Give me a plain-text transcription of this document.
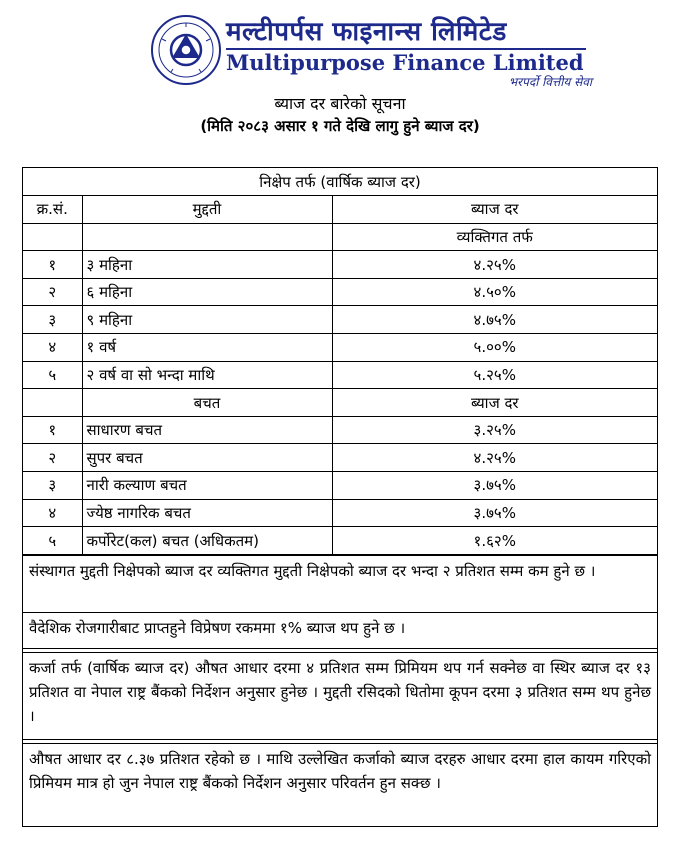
मल्टीपर्पस फाइनान्स लिमिटेड
Multipurpose Finance Limited
भरपर्दो वित्तीय सेवा
ब्याज दर बारेको सूचना
(मिति २०८३ असार १ गते देखि लागु हुने ब्याज दर)
निक्षेप तर्फ (वार्षिक ब्याज दर)		
क्र.सं.	मुद्दती	ब्याज दर
		व्यक्तिगत तर्फ
१	३ महिना	४.२५%
२	६ महिना	४.५०%
३	९ महिना	४.७५%
४	१ वर्ष	५.००%
५	२ वर्ष वा सो भन्दा माथि	५.२५%
	बचत	ब्याज दर
१	साधारण बचत	३.२५%
२	सुपर बचत	४.२५%
३	नारी कल्याण बचत	३.७५%
४	ज्येष्ठ नागरिक बचत	३.७५%
५	कर्पोरेट(कल) बचत (अधिकतम)	१.६२%
संस्थागत मुद्दती निक्षेपको ब्याज दर व्यक्तिगत मुद्दती निक्षेपको ब्याज दर भन्दा २ प्रतिशत सम्म कम हुने छ ।
वैदेशिक रोजगारीबाट प्राप्तहुने विप्रेषण रकममा १% ब्याज थप हुने छ ।
कर्जा तर्फ (वार्षिक ब्याज दर) औषत आधार दरमा ४ प्रतिशत सम्म प्रिमियम थप गर्न सक्नेछ वा स्थिर ब्याज दर १३ प्रतिशत वा नेपाल राष्ट्र बैंकको निर्देशन अनुसार हुनेछ । मुद्दती रसिदको धितोमा कूपन दरमा ३ प्रतिशत सम्म थप हुनेछ ।
औषत आधार दर ८.३७ प्रतिशत रहेको छ । माथि उल्लेखित कर्जाको ब्याज दरहरु आधार दरमा हाल कायम गरिएको प्रिमियम मात्र हो जुन नेपाल राष्ट्र बैंकको निर्देशन अनुसार परिवर्तन हुन सक्छ ।
